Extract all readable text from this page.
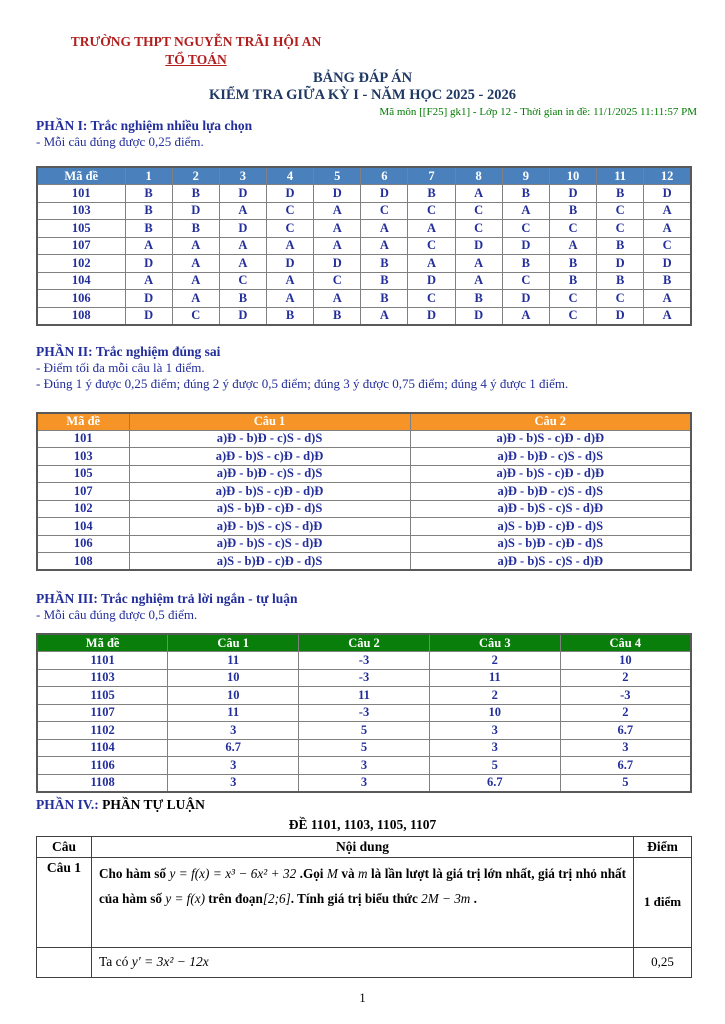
TRƯỜNG THPT NGUYỄN TRÃI HỘI AN
TỔ TOÁN
BẢNG ĐÁP ÁN
KIỂM TRA GIỮA KỲ I - NĂM HỌC 2025 - 2026
Mã môn [[F25] gk1] - Lớp 12 - Thời gian in đề: 11/1/2025 11:11:57 PM
PHẦN I: Trắc nghiệm nhiều lựa chọn
- Mỗi câu đúng được 0,25 điểm.
Mã đề	1	2	3	4	5	6	7	8	9	10	11	12
101	B	B	D	D	D	D	B	A	B	D	B	D
103	B	D	A	C	A	C	C	C	A	B	C	A
105	B	B	D	C	A	A	A	C	C	C	C	A
107	A	A	A	A	A	A	C	D	D	A	B	C
102	D	A	A	D	D	B	A	A	B	B	D	D
104	A	A	C	A	C	B	D	A	C	B	B	B
106	D	A	B	A	A	B	C	B	D	C	C	A
108	D	C	D	B	B	A	D	D	A	C	D	A
PHẦN II: Trắc nghiệm đúng sai
- Điểm tối đa mỗi câu là 1 điểm.
- Đúng 1 ý được 0,25 điểm; đúng 2 ý được 0,5 điểm; đúng 3 ý được 0,75 điểm; đúng 4 ý được 1 điểm.
Mã đề	Câu 1	Câu 2
101	a)Đ - b)Đ - c)S - d)S	a)Đ - b)S - c)Đ - d)Đ
103	a)Đ - b)S - c)Đ - d)Đ	a)Đ - b)Đ - c)S - d)S
105	a)Đ - b)Đ - c)S - d)S	a)Đ - b)S - c)Đ - d)Đ
107	a)Đ - b)S - c)Đ - d)Đ	a)Đ - b)Đ - c)S - d)S
102	a)S - b)Đ - c)Đ - d)S	a)Đ - b)S - c)S - d)Đ
104	a)Đ - b)S - c)S - d)Đ	a)S - b)Đ - c)Đ - d)S
106	a)Đ - b)S - c)S - d)Đ	a)S - b)Đ - c)Đ - d)S
108	a)S - b)Đ - c)Đ - d)S	a)Đ - b)S - c)S - d)Đ
PHẦN III: Trắc nghiệm trả lời ngắn - tự luận
- Mỗi câu đúng được 0,5 điểm.
Mã đề	Câu 1	Câu 2	Câu 3	Câu 4
1101	11	-3	2	10
1103	10	-3	11	2
1105	10	11	2	-3
1107	11	-3	10	2
1102	3	5	3	6.7
1104	6.7	5	3	3
1106	3	3	5	6.7
1108	3	3	6.7	5
PHẦN IV.: PHẦN TỰ LUẬN
ĐỀ 1101, 1103, 1105, 1107
Câu	Nội dung	Điểm
Câu 1	Cho hàm số y = f(x) = x³ − 6x² + 32 .Gọi M và m là lần lượt là giá trị lớn nhất, giá trị nhỏ nhất của hàm số y = f(x) trên đoạn[2;6]. Tính giá trị biểu thức 2M − 3m .	1 điểm
	Ta có y′ = 3x² − 12x	0,25
1
